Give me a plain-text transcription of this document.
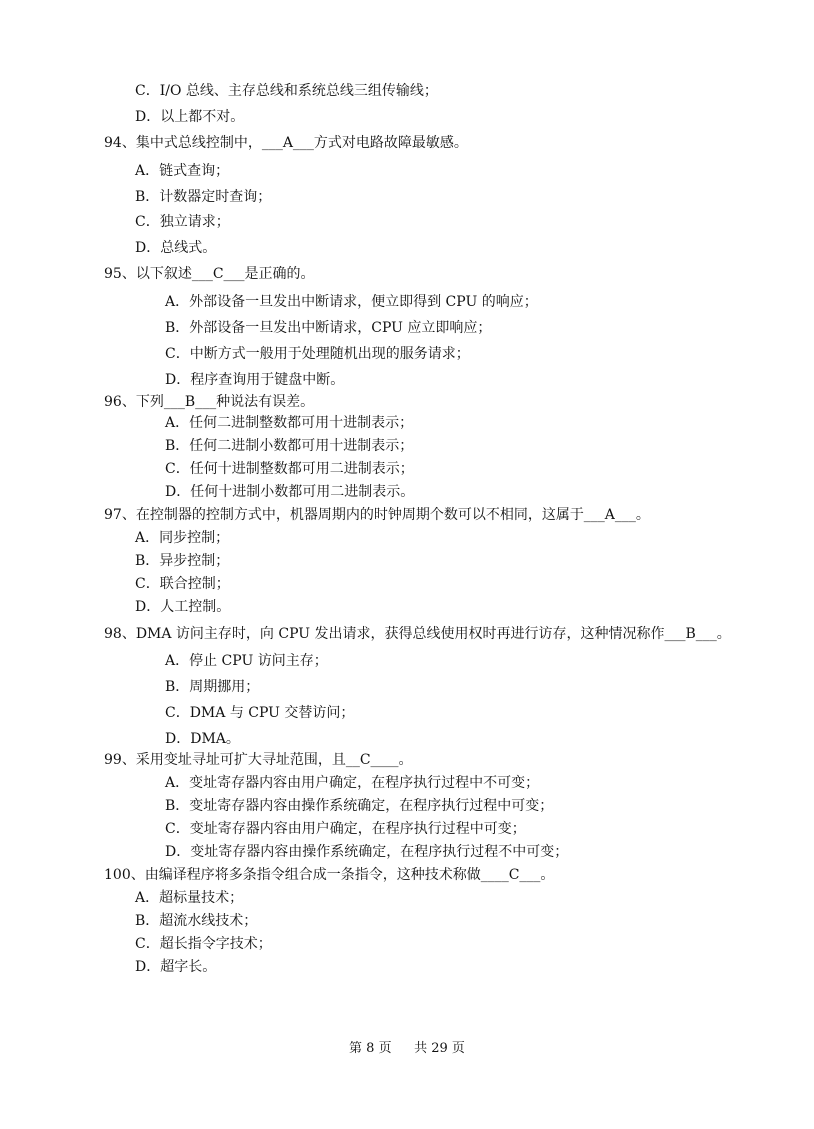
C．I/O 总线、主存总线和系统总线三组传输线；
D．以上都不对。
94、集中式总线控制中，___A___方式对电路故障最敏感。
A．链式查询；
B．计数器定时查询；
C．独立请求；
D．总线式。
95、以下叙述___C___是正确的。
A．外部设备一旦发出中断请求，便立即得到 CPU 的响应；
B．外部设备一旦发出中断请求，CPU 应立即响应；
C．中断方式一般用于处理随机出现的服务请求；
D．程序查询用于键盘中断。
96、下列___B___种说法有误差。
A．任何二进制整数都可用十进制表示；
B．任何二进制小数都可用十进制表示；
C．任何十进制整数都可用二进制表示；
D．任何十进制小数都可用二进制表示。
97、在控制器的控制方式中，机器周期内的时钟周期个数可以不相同，这属于___A___。
A．同步控制；
B．异步控制；
C．联合控制；
D．人工控制。
98、DMA 访问主存时，向 CPU 发出请求，获得总线使用权时再进行访存，这种情况称作___B___。
A．停止 CPU 访问主存；
B．周期挪用；
C．DMA 与 CPU 交替访问；
D．DMA。
99、采用变址寻址可扩大寻址范围，且__C____。
A．变址寄存器内容由用户确定，在程序执行过程中不可变；
B．变址寄存器内容由操作系统确定，在程序执行过程中可变；
C．变址寄存器内容由用户确定，在程序执行过程中可变；
D．变址寄存器内容由操作系统确定，在程序执行过程不中可变；
100、由编译程序将多条指令组合成一条指令，这种技术称做____C___。
A．超标量技术；
B．超流水线技术；
C．超长指令字技术；
D．超字长。
第 8 页 共 29 页
